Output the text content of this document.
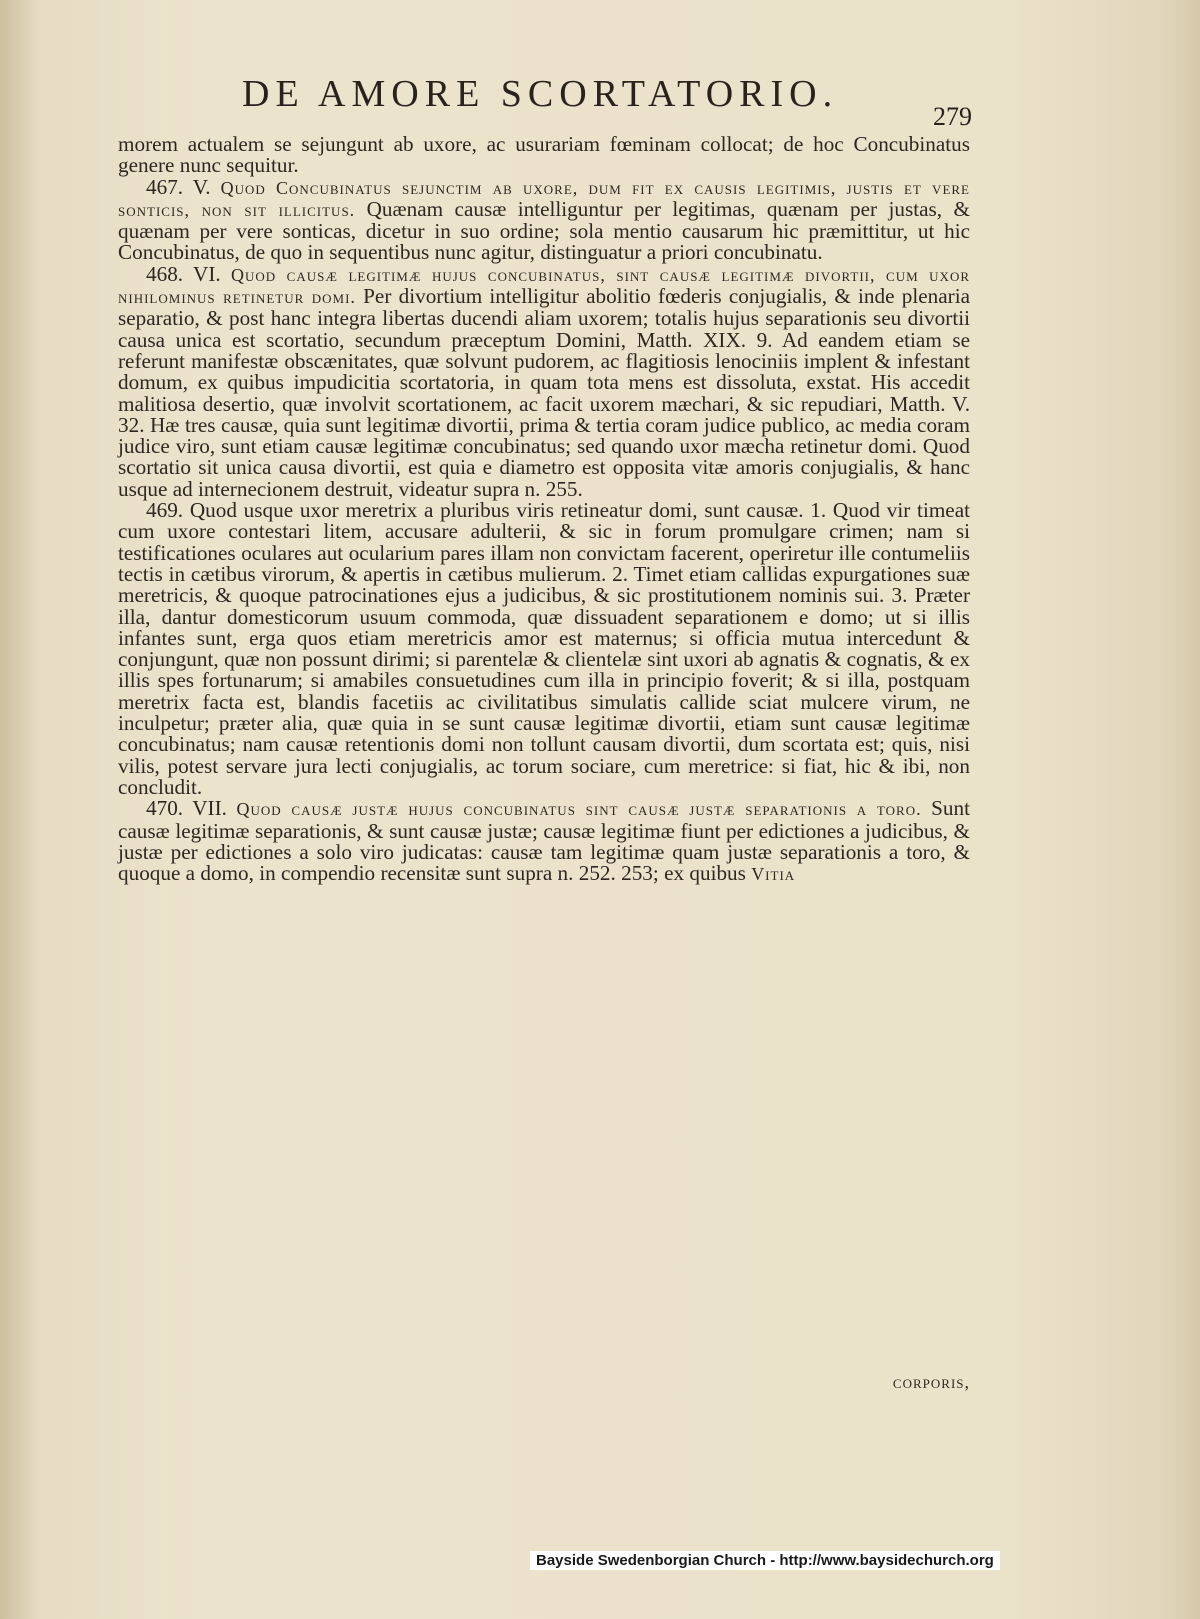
DE AMORE SCORTATORIO.
279

morem actualem se sejungunt ab uxore, ac usurariam fœminam collocat; de hoc Concubinatus genere nunc sequitur.

467. V. Quod Concubinatus sejunctim ab uxore, dum fit ex causis legitimis, justis et vere sonticis, non sit illicitus. Quænam causæ intelliguntur per legitimas, quænam per justas, & quænam per vere sonticas, dicetur in suo ordine; sola mentio causarum hic præmittitur, ut hic Concubinatus, de quo in sequentibus nunc agitur, distinguatur a priori concubinatu.

468. VI. Quod causæ legitimæ hujus concubinatus, sint causæ legitimæ divortii, cum uxor nihilominus retinetur domi. Per divortium intelligitur abolitio fœderis conjugialis, & inde plenaria separatio, & post hanc integra libertas ducendi aliam uxorem; totalis hujus separationis seu divortii causa unica est scortatio, secundum præceptum Domini, Matth. XIX. 9. Ad eandem etiam se referunt manifestæ obscænitates, quæ solvunt pudorem, ac flagitiosis lenociniis implent & infestant domum, ex quibus impudicitia scortatoria, in quam tota mens est dissoluta, exstat. His accedit malitiosa desertio, quæ involvit scortationem, ac facit uxorem mæchari, & sic repudiari, Matth. V. 32. Hæ tres causæ, quia sunt legitimæ divortii, prima & tertia coram judice publico, ac media coram judice viro, sunt etiam causæ legitimæ concubinatus; sed quando uxor mæcha retinetur domi. Quod scortatio sit unica causa divortii, est quia e diametro est opposita vitæ amoris conjugialis, & hanc usque ad internecionem destruit, videatur supra n. 255.

469. Quod usque uxor meretrix a pluribus viris retineatur domi, sunt causæ. 1. Quod vir timeat cum uxore contestari litem, accusare adulterii, & sic in forum promulgare crimen; nam si testificationes oculares aut ocularium pares illam non convictam facerent, operiretur ille contumeliis tectis in cætibus virorum, & apertis in cætibus mulierum. 2. Timet etiam callidas expurgationes suæ meretricis, & quoque patrocinationes ejus a judicibus, & sic prostitutionem nominis sui. 3. Præter illa, dantur domesticorum usuum commoda, quæ dissuadent separationem e domo; ut si illis infantes sunt, erga quos etiam meretricis amor est maternus; si officia mutua intercedunt & conjungunt, quæ non possunt dirimi; si parentelæ & clientelæ sint uxori ab agnatis & cognatis, & ex illis spes fortunarum; si amabiles consuetudines cum illa in principio foverit; & si illa, postquam meretrix facta est, blandis facetiis ac civilitatibus simulatis callide sciat mulcere virum, ne inculpetur; præter alia, quæ quia in se sunt causæ legitimæ divortii, etiam sunt causæ legitimæ concubinatus; nam causæ retentionis domi non tollunt causam divortii, dum scortata est; quis, nisi vilis, potest servare jura lecti conjugialis, ac torum sociare, cum meretrice: si fiat, hic & ibi, non concludit.

470. VII. Quod causæ justæ hujus concubinatus sint causæ justæ separationis a toro. Sunt causæ legitimæ separationis, & sunt causæ justæ; causæ legitimæ fiunt per edictiones a judicibus, & justæ per edictiones a solo viro judicatas: causæ tam legitimæ quam justæ separationis a toro, & quoque a domo, in compendio recensitæ sunt supra n. 252. 253; ex quibus Vitia

corporis,
Bayside Swedenborgian Church - http://www.baysidechurch.org
